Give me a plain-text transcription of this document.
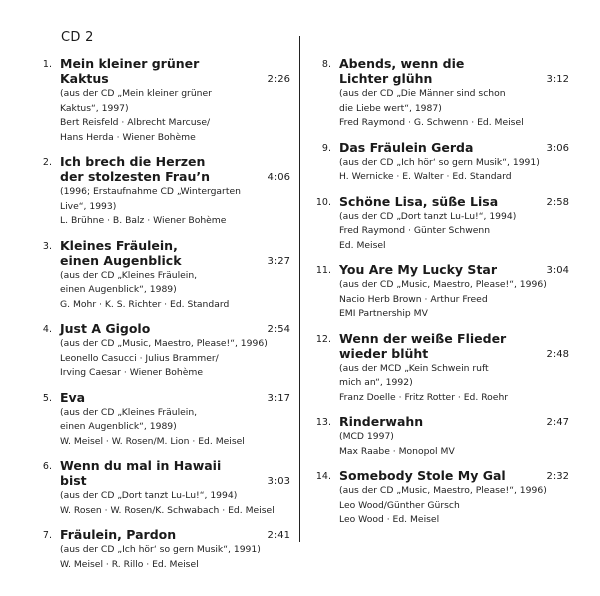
CD 2
1. Mein kleiner grüner Kaktus	2:26
(aus der CD „Mein kleiner grüner
Kaktus“, 1997)
Bert Reisfeld · Albrecht Marcuse/
Hans Herda · Wiener Bohème
2. Ich brech die Herzen
der stolzesten Frau’n	4:06
(1996; Erstaufnahme CD „Wintergarten
Live“, 1993)
L. Brühne · B. Balz · Wiener Bohème
3. Kleines Fräulein,
einen Augenblick	3:27
(aus der CD „Kleines Fräulein,
einen Augenblick“, 1989)
G. Mohr · K. S. Richter · Ed. Standard
4. Just A Gigolo	2:54
(aus der CD „Music, Maestro, Please!“, 1996)
Leonello Casucci · Julius Brammer/
Irving Caesar · Wiener Bohème
5. Eva	3:17
(aus der CD „Kleines Fräulein,
einen Augenblick“, 1989)
W. Meisel · W. Rosen/M. Lion · Ed. Meisel
6. Wenn du mal in Hawaii bist	3:03
(aus der CD „Dort tanzt Lu-Lu!“, 1994)
W. Rosen · W. Rosen/K. Schwabach · Ed. Meisel
7. Fräulein, Pardon	2:41
(aus der CD „Ich hör‘ so gern Musik“, 1991)
W. Meisel · R. Rillo · Ed. Meisel
8. Abends, wenn die
Lichter glühn	3:12
(aus der CD „Die Männer sind schon
die Liebe wert“, 1987)
Fred Raymond · G. Schwenn · Ed. Meisel
9. Das Fräulein Gerda	3:06
(aus der CD „Ich hör‘ so gern Musik“, 1991)
H. Wernicke · E. Walter · Ed. Standard
10. Schöne Lisa, süße Lisa	2:58
(aus der CD „Dort tanzt Lu-Lu!“, 1994)
Fred Raymond · Günter Schwenn
Ed. Meisel
11. You Are My Lucky Star	3:04
(aus der CD „Music, Maestro, Please!“, 1996)
Nacio Herb Brown · Arthur Freed
EMI Partnership MV
12. Wenn der weiße Flieder
wieder blüht	2:48
(aus der MCD „Kein Schwein ruft
mich an“, 1992)
Franz Doelle · Fritz Rotter · Ed. Roehr
13. Rinderwahn	2:47
(MCD 1997)
Max Raabe · Monopol MV
14. Somebody Stole My Gal	2:32
(aus der CD „Music, Maestro, Please!“, 1996)
Leo Wood/Günther Gürsch
Leo Wood · Ed. Meisel
